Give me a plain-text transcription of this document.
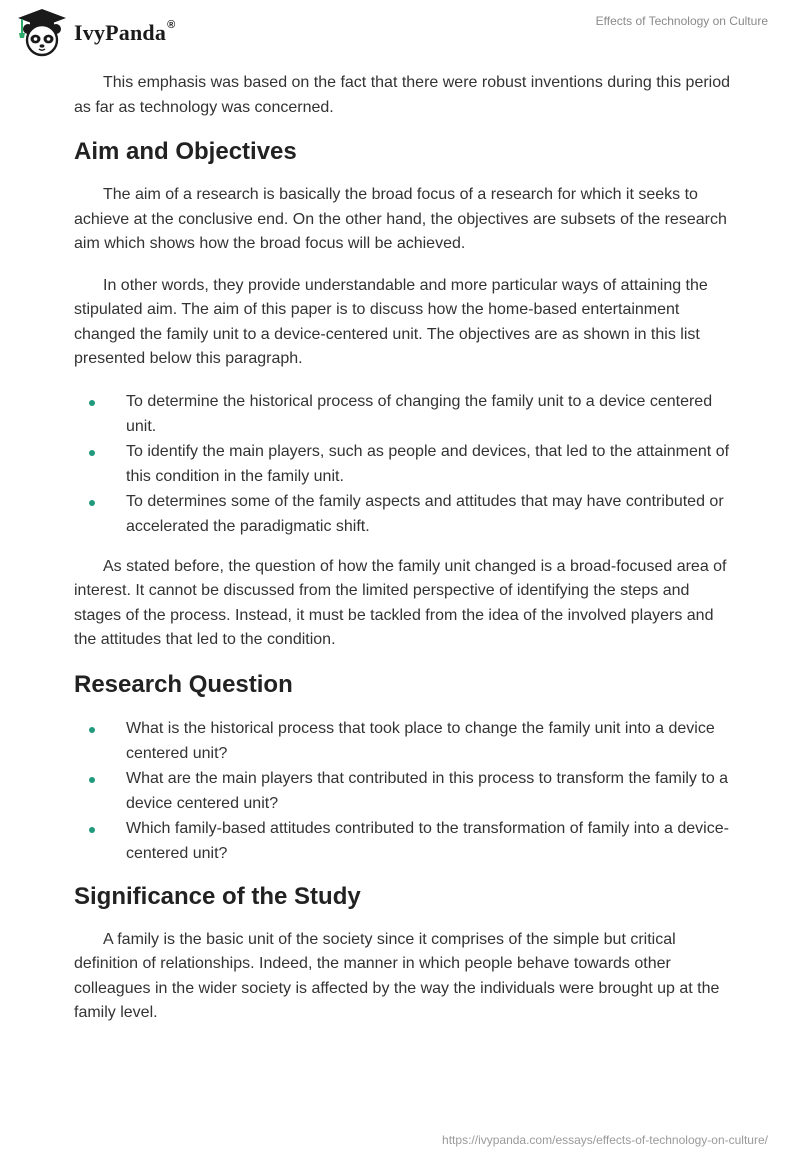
IvyPanda®	Effects of Technology on Culture

This emphasis was based on the fact that there were robust inventions during this period as far as technology was concerned.

Aim and Objectives

The aim of a research is basically the broad focus of a research for which it seeks to achieve at the conclusive end. On the other hand, the objectives are subsets of the research aim which shows how the broad focus will be achieved.

In other words, they provide understandable and more particular ways of attaining the stipulated aim. The aim of this paper is to discuss how the home-based entertainment changed the family unit to a device-centered unit. The objectives are as shown in this list presented below this paragraph.

To determine the historical process of changing the family unit to a device centered unit.
To identify the main players, such as people and devices, that led to the attainment of this condition in the family unit.
To determines some of the family aspects and attitudes that may have contributed or accelerated the paradigmatic shift.

As stated before, the question of how the family unit changed is a broad-focused area of interest. It cannot be discussed from the limited perspective of identifying the steps and stages of the process. Instead, it must be tackled from the idea of the involved players and the attitudes that led to the condition.

Research Question
What is the historical process that took place to change the family unit into a device centered unit?
What are the main players that contributed in this process to transform the family to a device centered unit?
Which family-based attitudes contributed to the transformation of family into a device-centered unit?
Significance of the Study

A family is the basic unit of the society since it comprises of the simple but critical definition of relationships. Indeed, the manner in which people behave towards other colleagues in the wider society is affected by the way the individuals were brought up at the family level.

https://ivypanda.com/essays/effects-of-technology-on-culture/
